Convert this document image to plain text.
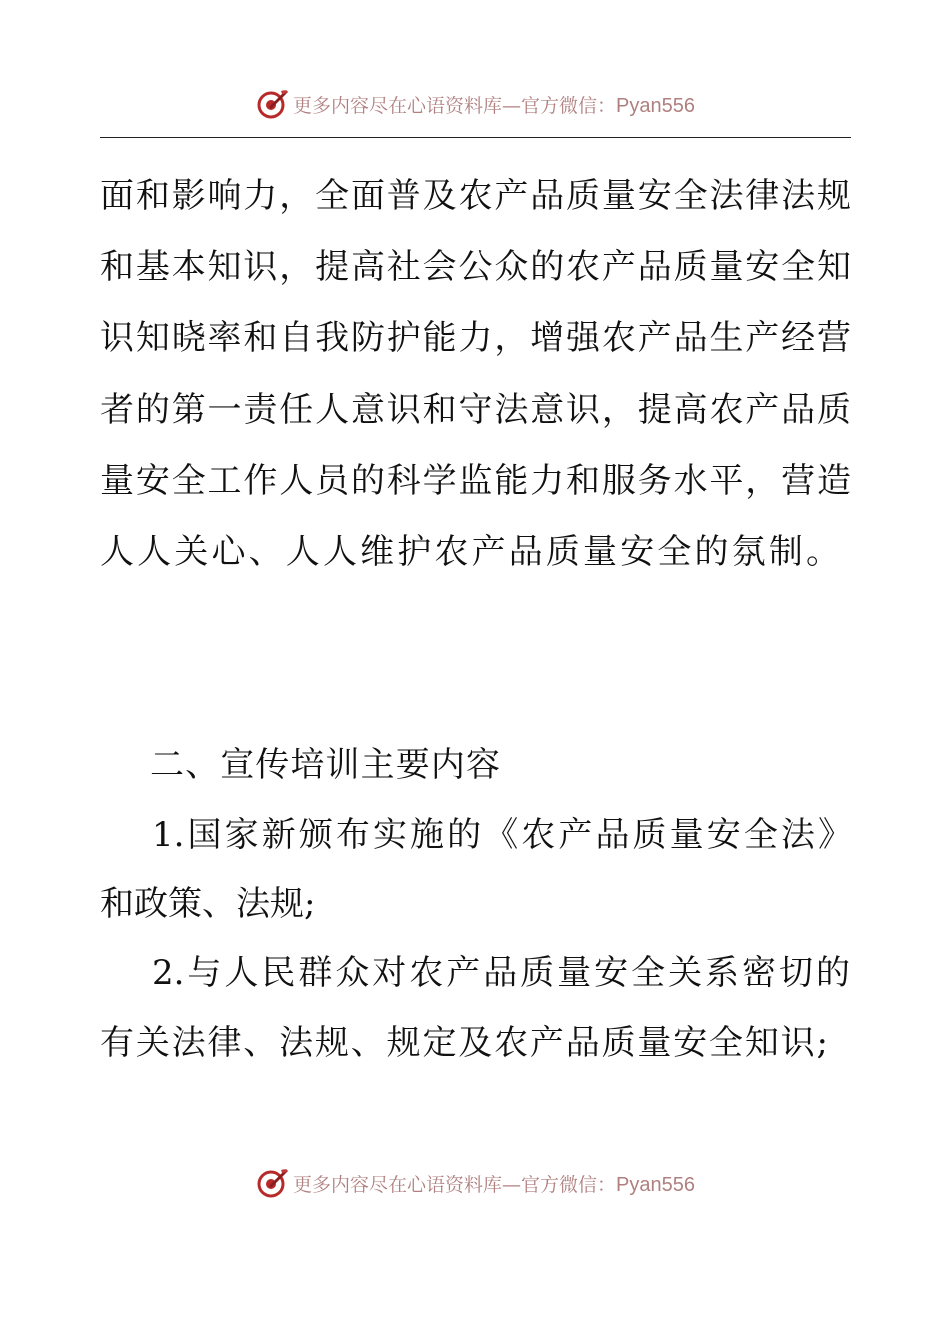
更多内容尽在心语资料库—官方微信：Pyan556
面和影响力，全面普及农产品质量安全法律法规
和基本知识，提高社会公众的农产品质量安全知
识知晓率和自我防护能力，增强农产品生产经营
者的第一责任人意识和守法意识，提高农产品质
量安全工作人员的科学监能力和服务水平，营造
人人关心、人人维护农产品质量安全的氛制。
二、宣传培训主要内容
1.国家新颁布实施的《农产品质量安全法》
和政策、法规;
2.与人民群众对农产品质量安全关系密切的
有关法律、法规、规定及农产品质量安全知识;
更多内容尽在心语资料库—官方微信：Pyan556
